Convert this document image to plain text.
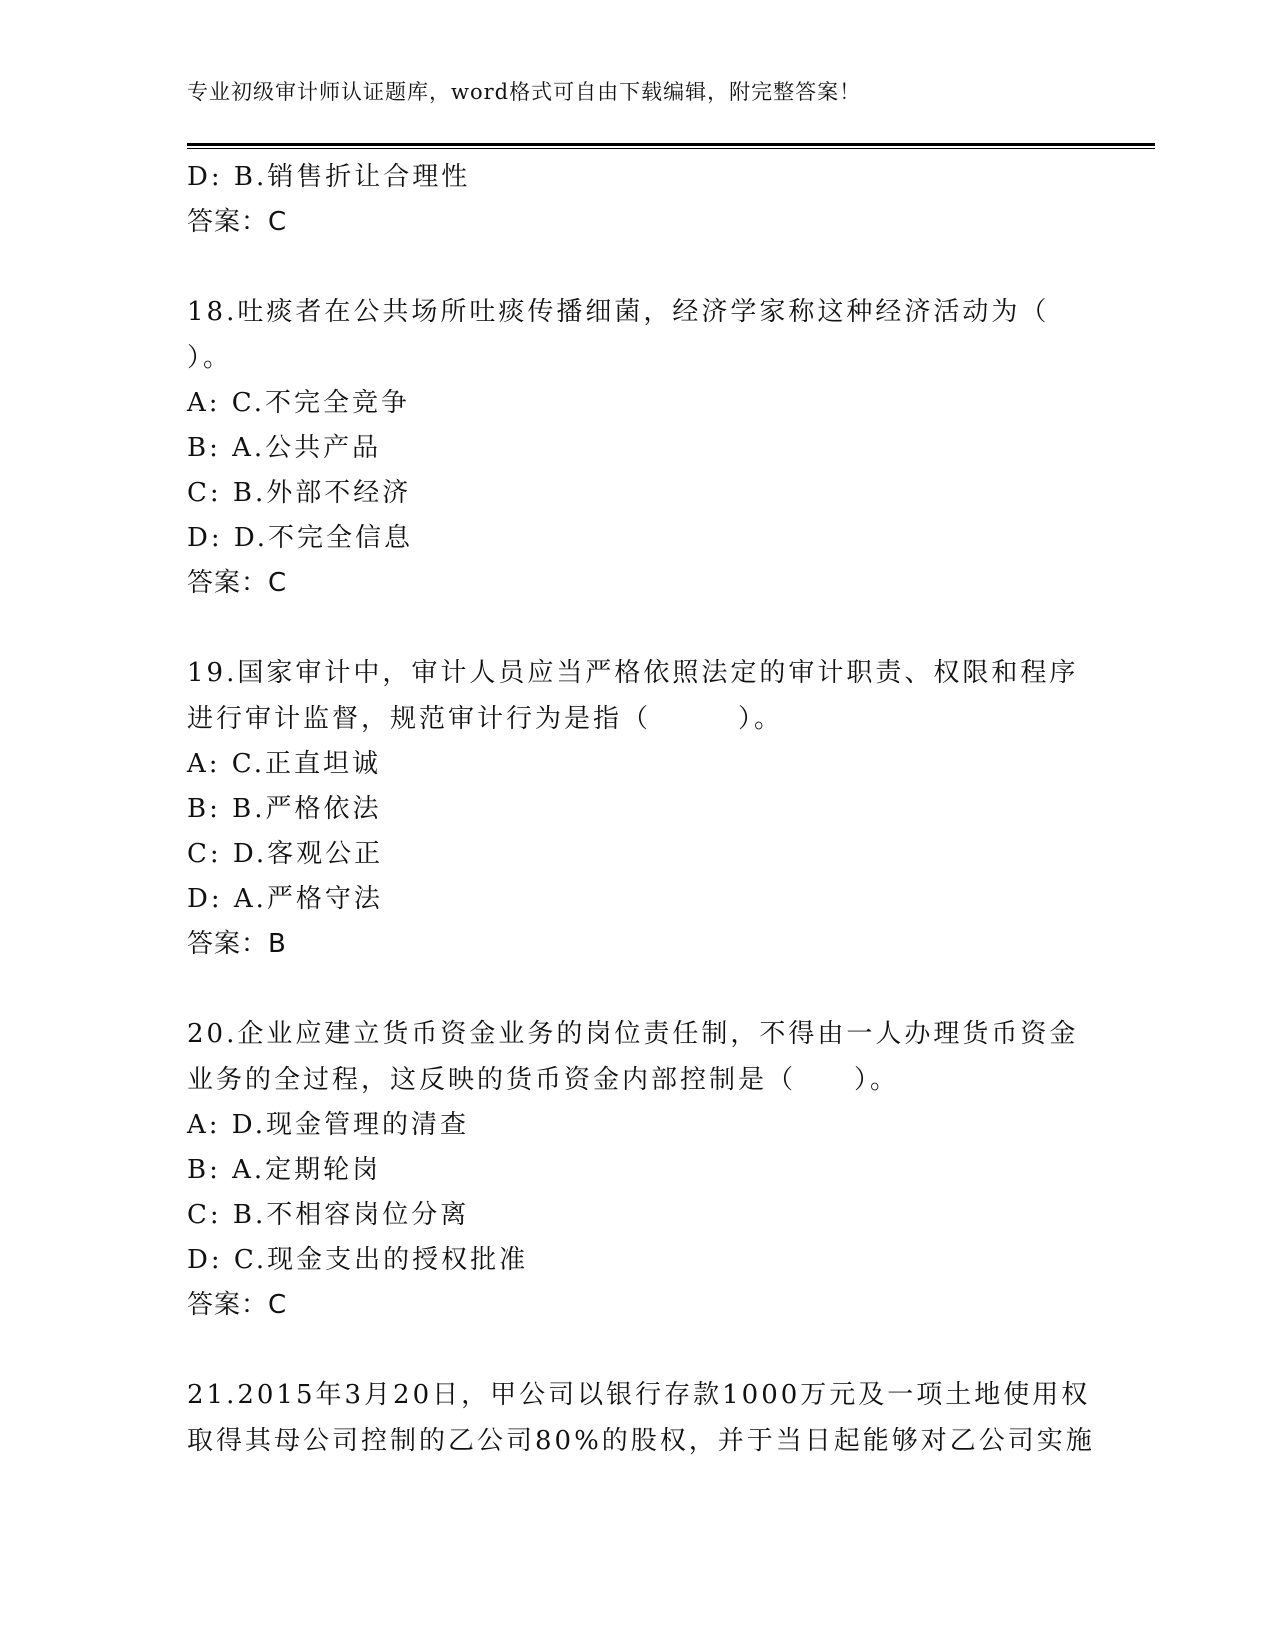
专业初级审计师认证题库，word格式可自由下载编辑，附完整答案！
D: B.销售折让合理性
答案：C
18.吐痰者在公共场所吐痰传播细菌，经济学家称这种经济活动为（
）。
A: C.不完全竞争
B: A.公共产品
C: B.外部不经济
D: D.不完全信息
答案：C
19.国家审计中，审计人员应当严格依照法定的审计职责、权限和程序
进行审计监督，规范审计行为是指（　　　）。
A: C.正直坦诚
B: B.严格依法
C: D.客观公正
D: A.严格守法
答案：B
20.企业应建立货币资金业务的岗位责任制，不得由一人办理货币资金
业务的全过程，这反映的货币资金内部控制是（　　）。
A: D.现金管理的清查
B: A.定期轮岗
C: B.不相容岗位分离
D: C.现金支出的授权批准
答案：C
21.2015年3月20日，甲公司以银行存款1000万元及一项土地使用权
取得其母公司控制的乙公司80%的股权，并于当日起能够对乙公司实施
